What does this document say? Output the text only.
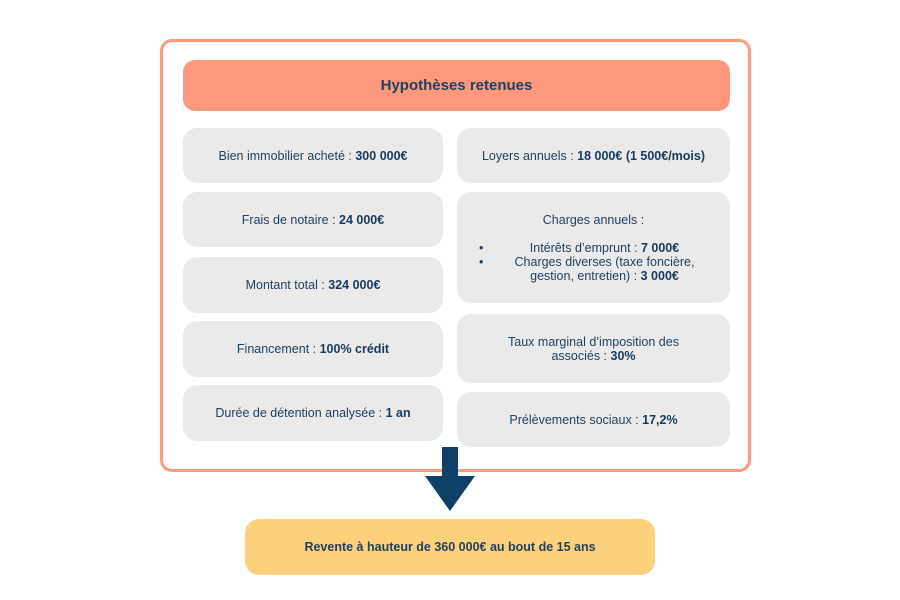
Hypothèses retenues
Bien immobilier acheté : 300 000€
Frais de notaire : 24 000€
Montant total : 324 000€
Financement : 100% crédit
Durée de détention analysée : 1 an
Loyers annuels : 18 000€ (1 500€/mois)
Charges annuels :
•	Intérêts d’emprunt : 7 000€
• Charges diverses (taxe foncière, gestion, entretien) : 3 000€
Taux marginal d’imposition des associés : 30%
Prélèvements sociaux : 17,2%
Revente à hauteur de 360 000€ au bout de 15 ans
